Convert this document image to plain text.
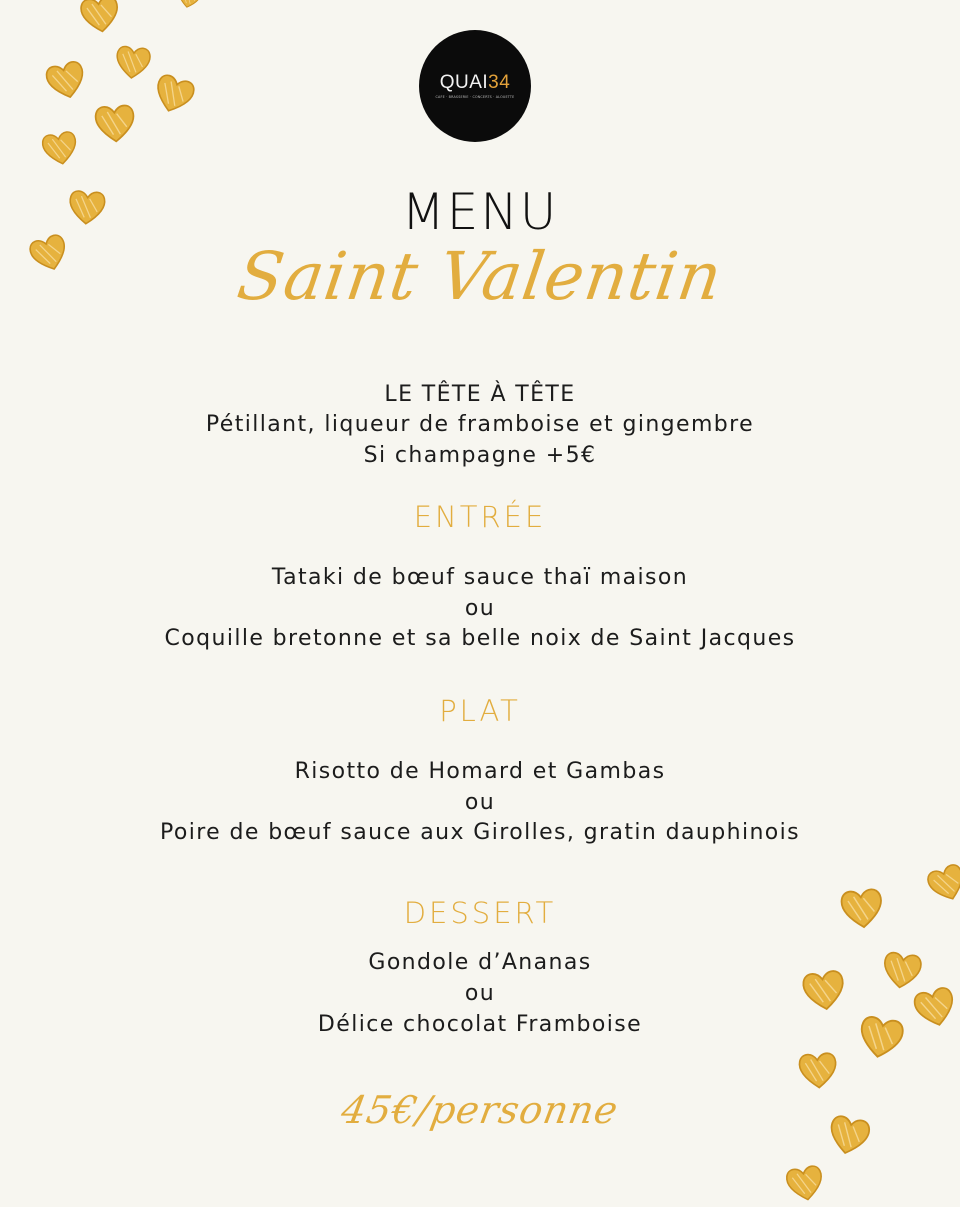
QUAI34
CAFE · BRASSERIE · CONCERTS · ALOUETTE
MENU
Saint Valentin
LE TÊTE À TÊTE
Pétillant, liqueur de framboise et gingembre
Si champagne +5€
ENTRÉE
Tataki de bœuf sauce thaï maison
ou
Coquille bretonne et sa belle noix de Saint Jacques
PLAT
Risotto de Homard et Gambas
ou
Poire de bœuf sauce aux Girolles, gratin dauphinois
DESSERT
Gondole d’Ananas
ou
Délice chocolat Framboise
45€/personne
